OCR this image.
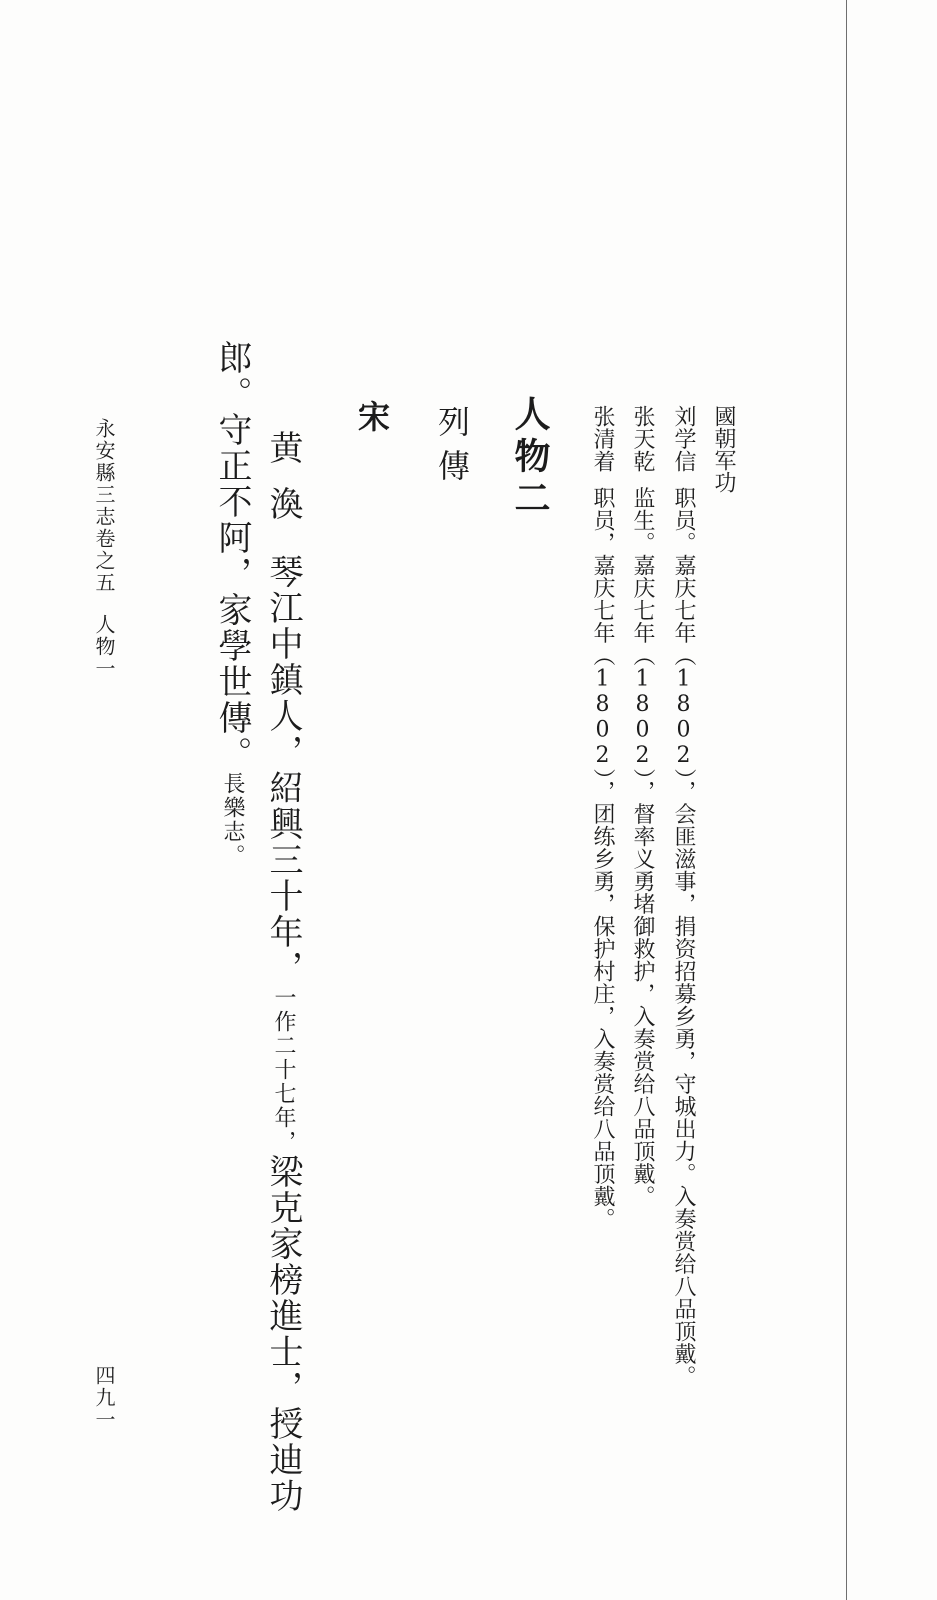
國朝军功
刘学信职员。嘉庆七年（1802），会匪滋事，捐资招募乡勇，守城出力。入奏赏给八品顶戴。
张天乾监生。嘉庆七年（1802），督率义勇堵御救护，入奏赏给八品顶戴。
张清着职员，嘉庆七年（1802），团练乡勇，保护村庄，入奏赏给八品顶戴。
人物二
列傳
宋
黄渙琴江中鎮人，紹興三十年，一作二十七年，梁克家榜進士，授迪功
郎。守正不阿，家學世傳。長樂志。
永安縣三志卷之五人物一
四九一
